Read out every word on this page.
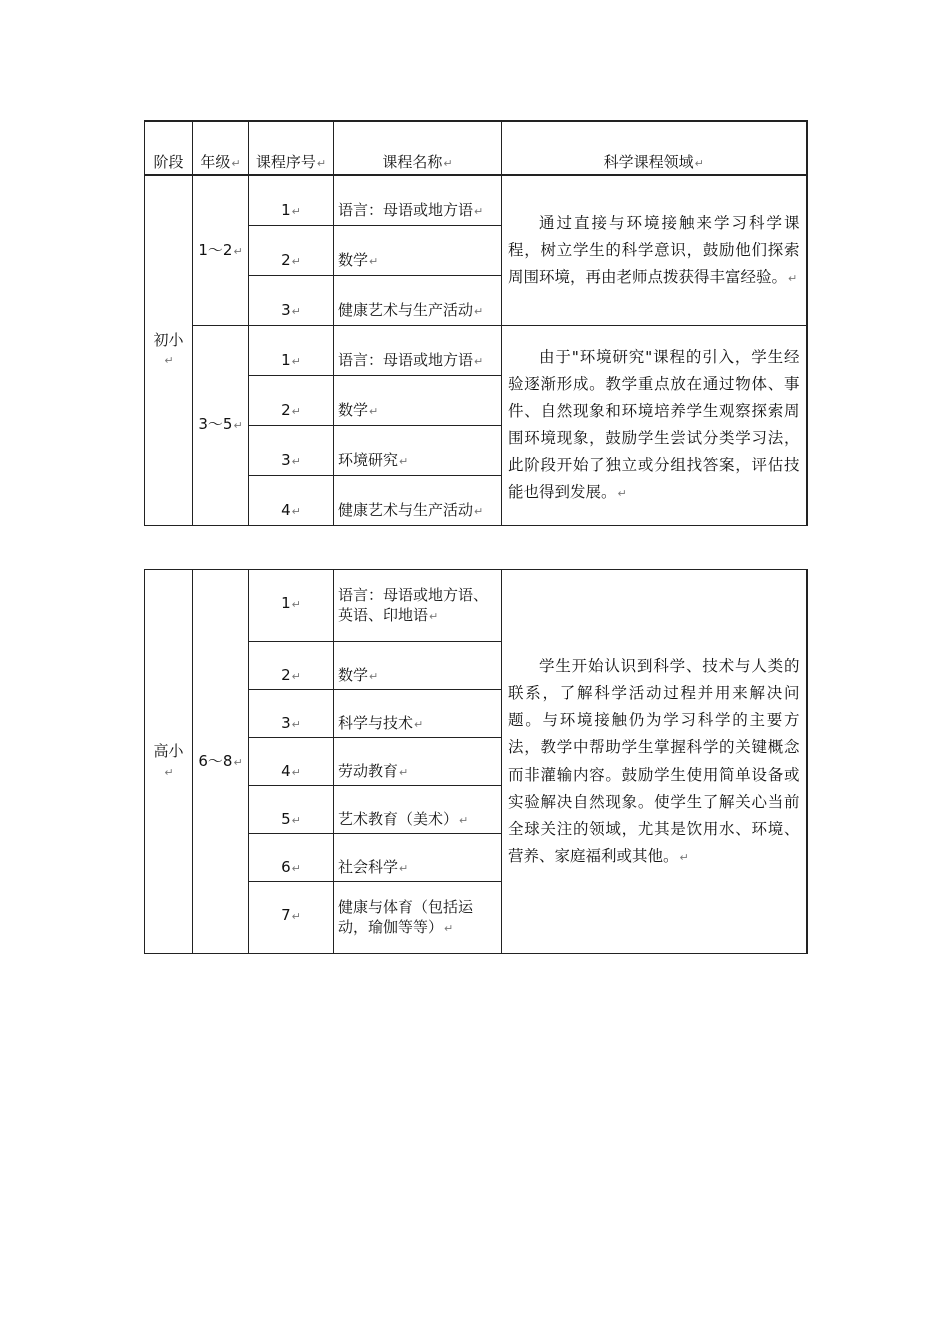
阶段	年级↵	课程序号↵	课程名称↵	科学课程领域↵
初小↵	1～2↵	1↵	语言：母语或地方语↵	通过直接与环境接触来学习科学课程，树立学生的科学意识，鼓励他们探索周围环境，再由老师点拨获得丰富经验。↵

		2↵	数学↵	
		3↵	健康艺术与生产活动↵	
	3～5↵	1↵	语言：母语或地方语↵	由于"环境研究"课程的引入，学生经验逐渐形成。教学重点放在通过物体、事件、自然现象和环境培养学生观察探索周围环境现象，鼓励学生尝试分类学习法，此阶段开始了独立或分组找答案，评估技能也得到发展。↵

		2↵	数学↵	
		3↵	环境研究↵	
		4↵	健康艺术与生产活动↵	
高小↵	6～8↵	1↵	语言：母语或地方语、英语、印地语↵	学生开始认识到科学、技术与人类的联系，了解科学活动过程并用来解决问题。与环境接触仍为学习科学的主要方法，教学中帮助学生掌握科学的关键概念而非灌输内容。鼓励学生使用简单设备或实验解决自然现象。使学生了解关心当前全球关注的领域，尤其是饮用水、环境、营养、家庭福利或其他。↵

		2↵	数学↵	
		3↵	科学与技术↵	
		4↵	劳动教育↵	
		5↵	艺术教育（美术）↵	
		6↵	社会科学↵	
		7↵	健康与体育（包括运动，瑜伽等等）↵	
